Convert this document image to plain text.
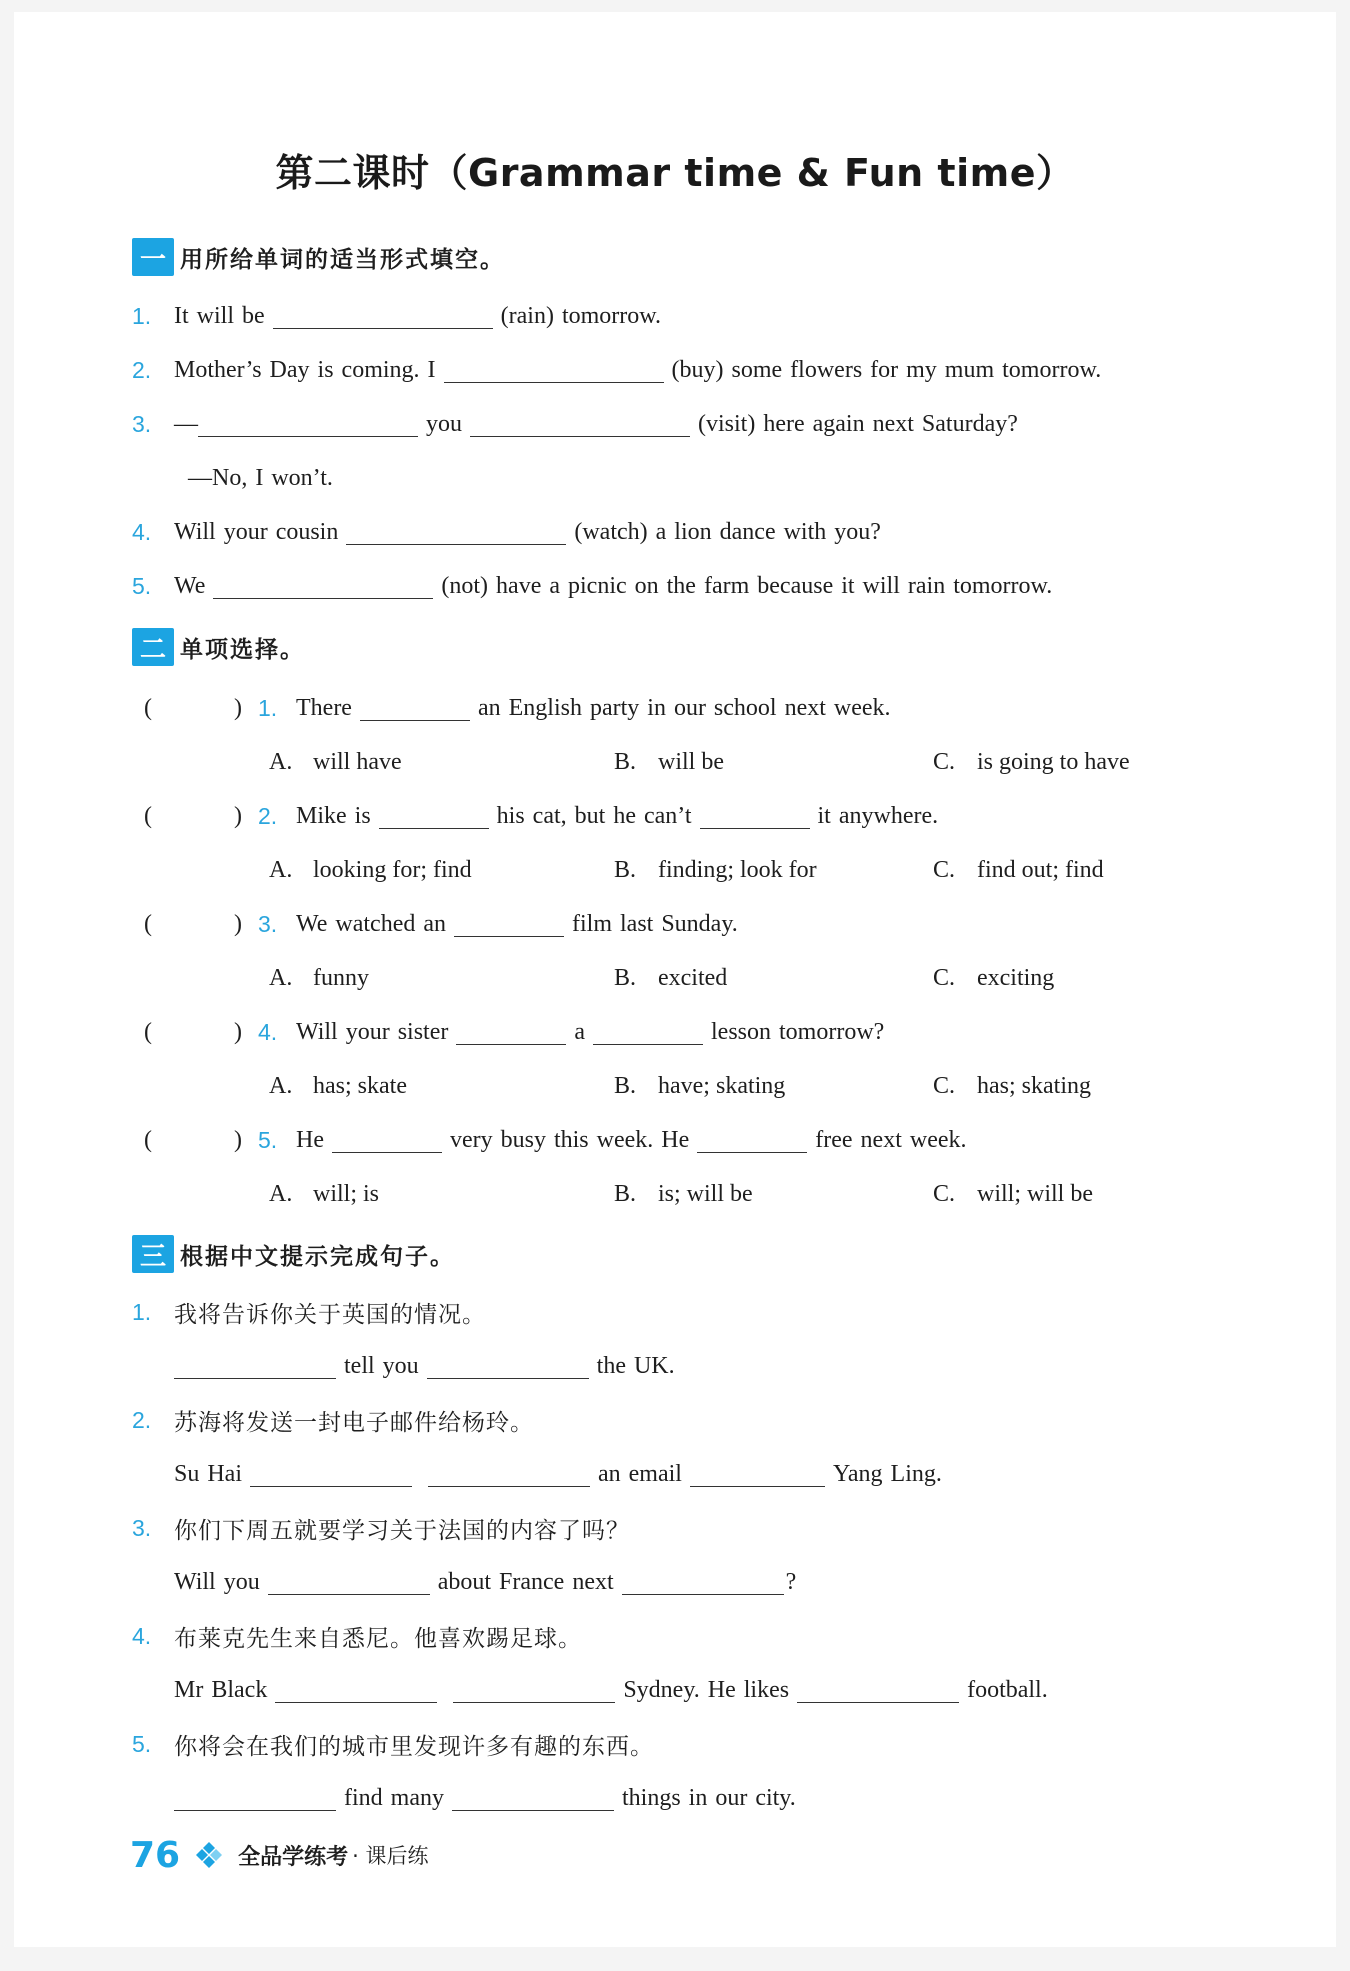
第二课时（Grammar time & Fun time）
一 用所给单词的适当形式填空。
1. It will be	(rain) tomorrow.
2. Mother’s Day is coming. I	(buy) some flowers for my mum tomorrow.
3. —	you	(visit) here again next Saturday?
—No, I won’t.
4. Will your cousin	(watch) a lion dance with you?
5. We	(not) have a picnic on the farm because it will rain tomorrow.
二 单项选择。
(	) 1. There	an English party in our school next week.
A. will have	B. will be	C. is going to have
(	) 2. Mike is	his cat, but he can’t	it anywhere.
A. looking for; find	B. finding; look for	C. find out; find
(	) 3. We watched an	film last Sunday.
A. funny	B. excited	C. exciting
(	) 4. Will your sister	a	lesson tomorrow?
A. has; skate	B. have; skating	C. has; skating
(	) 5. He	very busy this week. He	free next week.
A. will; is	B. is; will be	C. will; will be
三 根据中文提示完成句子。
1. 我将告诉你关于英国的情况。
tell you	the UK.
2. 苏海将发送一封电子邮件给杨玲。
Su Hai	an email	Yang Ling.
3. 你们下周五就要学习关于法国的内容了吗？
Will you	about France next	?
4. 布莱克先生来自悉尼。他喜欢踢足球。
Mr Black	Sydney. He likes	football.
5. 你将会在我们的城市里发现许多有趣的东西。
find many	things in our city.
76	全品学练考 · 课后练
